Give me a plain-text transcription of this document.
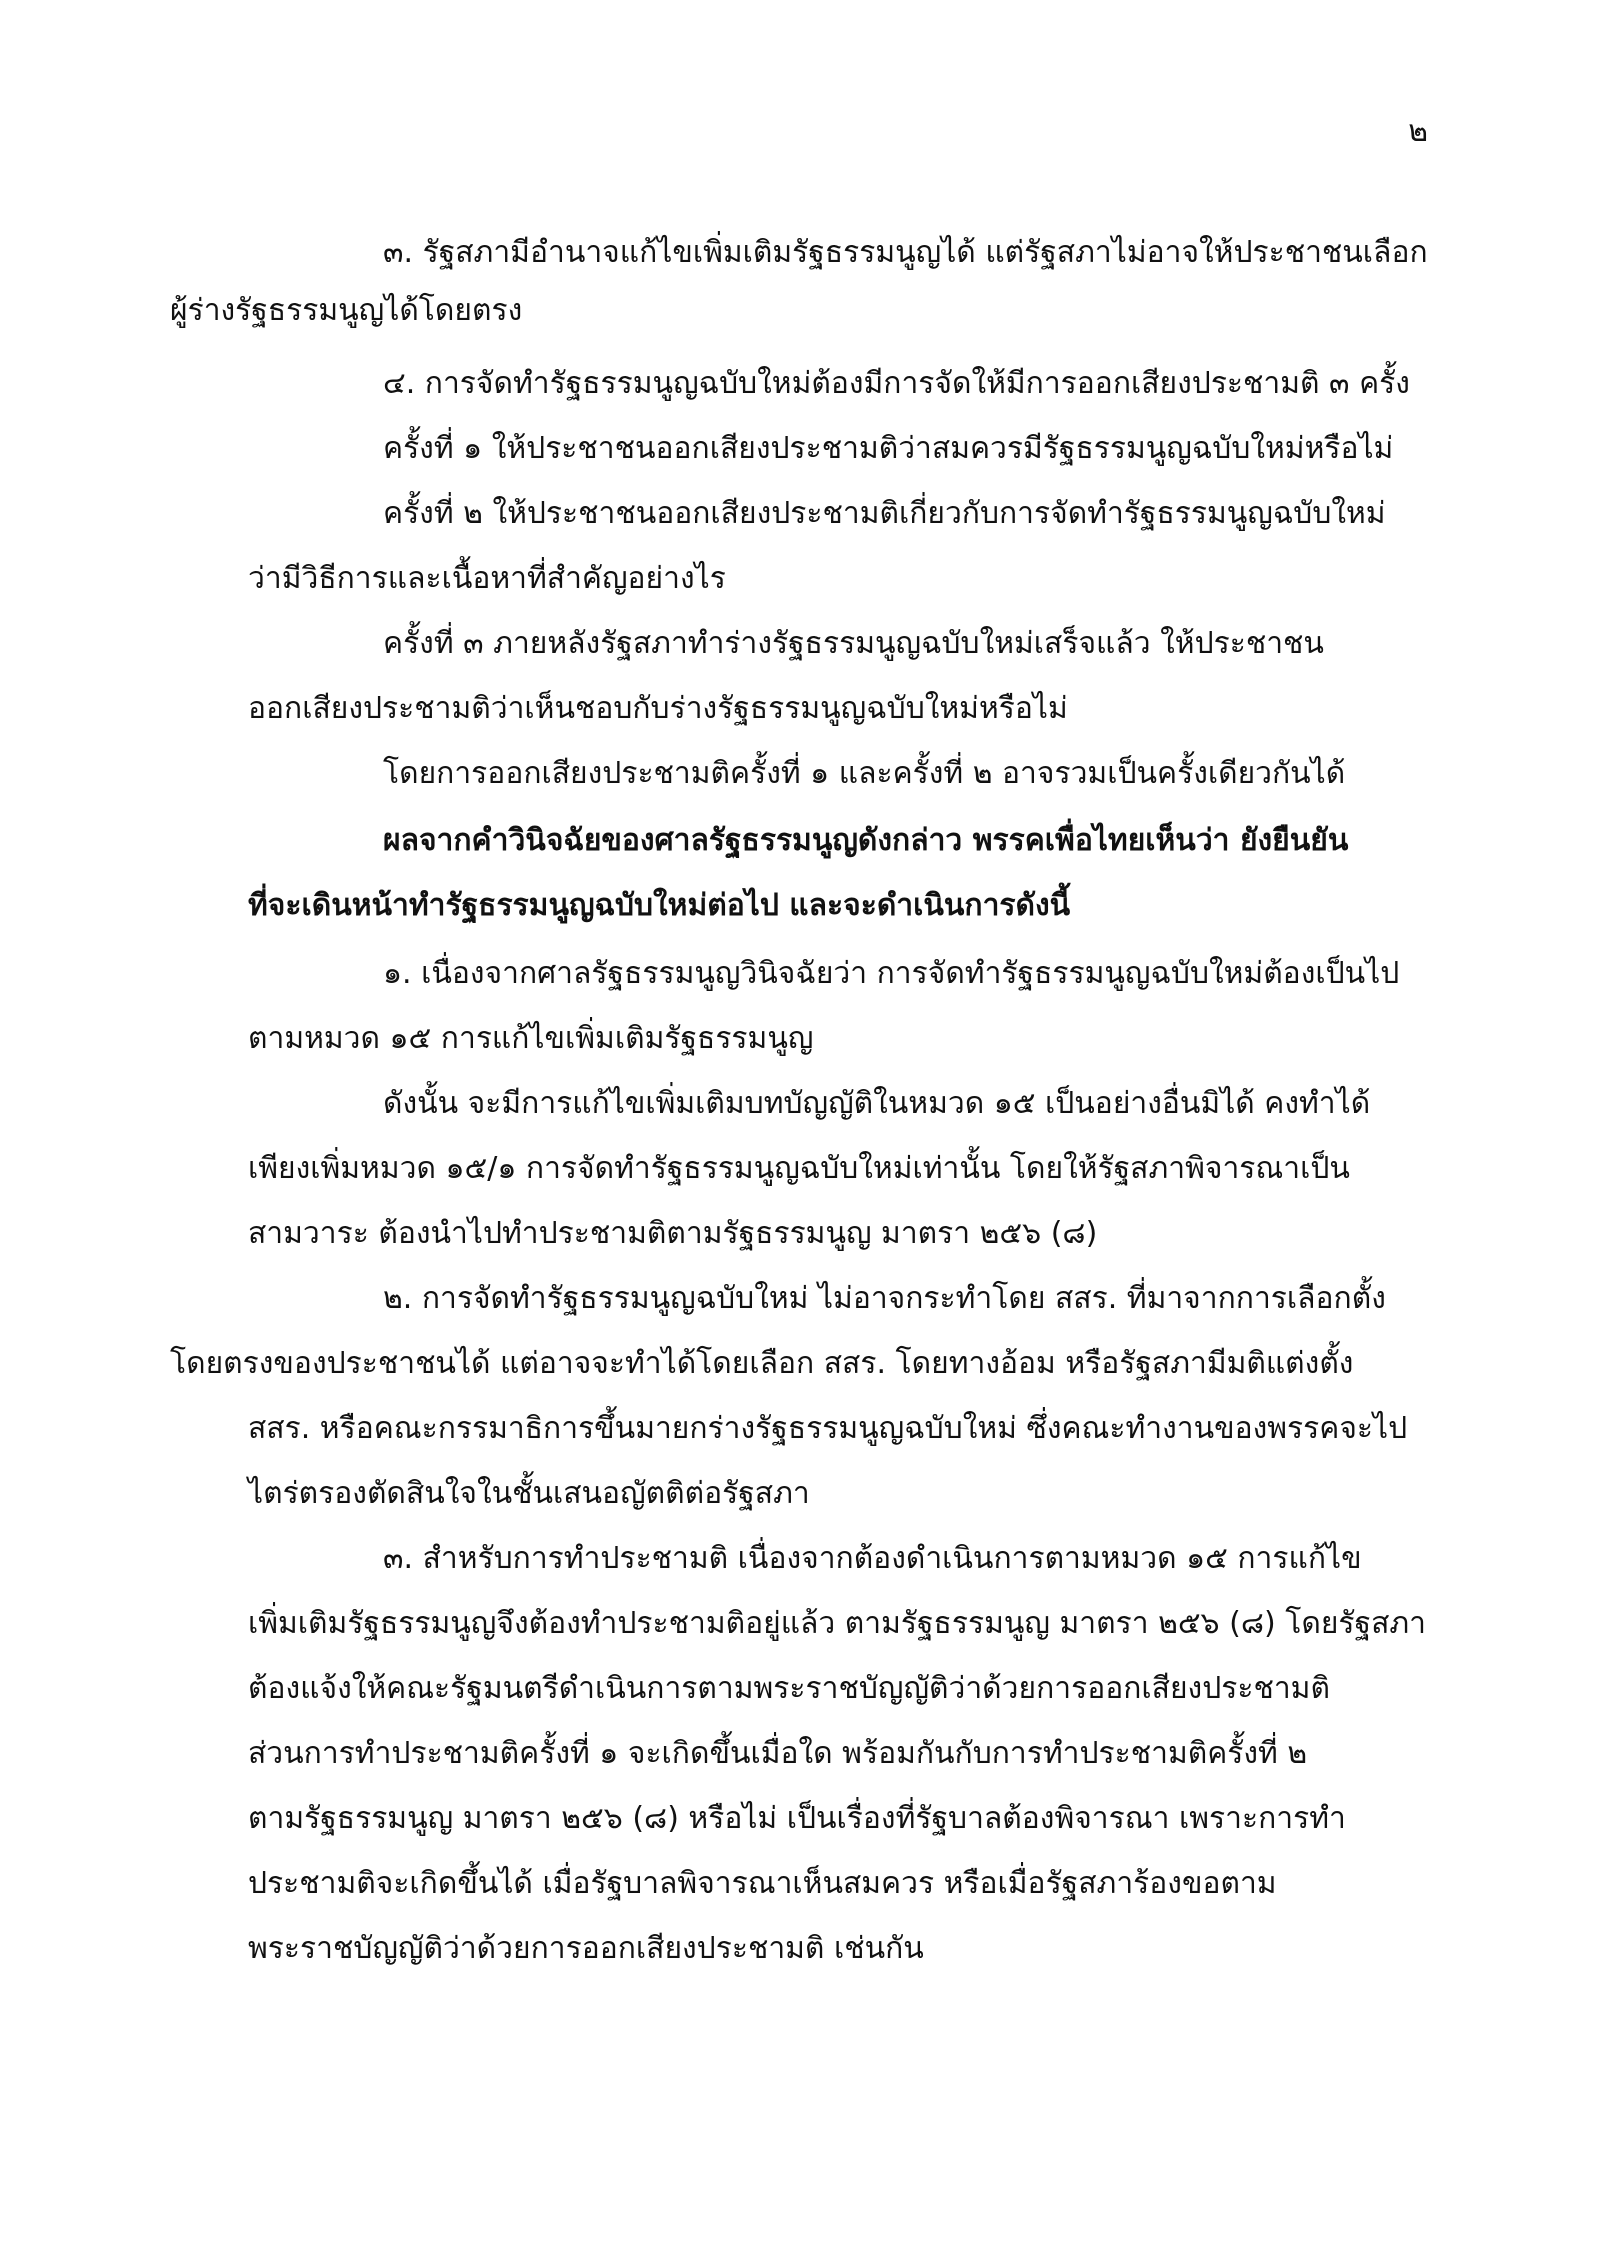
๒
๓. รัฐสภามีอำนาจแก้ไขเพิ่มเติมรัฐธรรมนูญได้ แต่รัฐสภาไม่อาจให้ประชาชนเลือก
ผู้ร่างรัฐธรรมนูญได้โดยตรง
๔. การจัดทำรัฐธรรมนูญฉบับใหม่ต้องมีการจัดให้มีการออกเสียงประชามติ ๓ ครั้ง
ครั้งที่ ๑ ให้ประชาชนออกเสียงประชามติว่าสมควรมีรัฐธรรมนูญฉบับใหม่หรือไม่
ครั้งที่ ๒ ให้ประชาชนออกเสียงประชามติเกี่ยวกับการจัดทำรัฐธรรมนูญฉบับใหม่
ว่ามีวิธีการและเนื้อหาที่สำคัญอย่างไร
ครั้งที่ ๓ ภายหลังรัฐสภาทำร่างรัฐธรรมนูญฉบับใหม่เสร็จแล้ว ให้ประชาชน
ออกเสียงประชามติว่าเห็นชอบกับร่างรัฐธรรมนูญฉบับใหม่หรือไม่
โดยการออกเสียงประชามติครั้งที่ ๑ และครั้งที่ ๒ อาจรวมเป็นครั้งเดียวกันได้
ผลจากคำวินิจฉัยของศาลรัฐธรรมนูญดังกล่าว พรรคเพื่อไทยเห็นว่า ยังยืนยัน
ที่จะเดินหน้าทำรัฐธรรมนูญฉบับใหม่ต่อไป และจะดำเนินการดังนี้
๑. เนื่องจากศาลรัฐธรรมนูญวินิจฉัยว่า การจัดทำรัฐธรรมนูญฉบับใหม่ต้องเป็นไป
ตามหมวด ๑๕ การแก้ไขเพิ่มเติมรัฐธรรมนูญ
ดังนั้น จะมีการแก้ไขเพิ่มเติมบทบัญญัติในหมวด ๑๕ เป็นอย่างอื่นมิได้ คงทำได้
เพียงเพิ่มหมวด ๑๕/๑ การจัดทำรัฐธรรมนูญฉบับใหม่เท่านั้น โดยให้รัฐสภาพิจารณาเป็น
สามวาระ ต้องนำไปทำประชามติตามรัฐธรรมนูญ มาตรา ๒๕๖ (๘)
๒. การจัดทำรัฐธรรมนูญฉบับใหม่ ไม่อาจกระทำโดย สสร. ที่มาจากการเลือกตั้ง
โดยตรงของประชาชนได้ แต่อาจจะทำได้โดยเลือก สสร. โดยทางอ้อม หรือรัฐสภามีมติแต่งตั้ง
สสร. หรือคณะกรรมาธิการขึ้นมายกร่างรัฐธรรมนูญฉบับใหม่ ซึ่งคณะทำงานของพรรคจะไป
ไตร่ตรองตัดสินใจในชั้นเสนอญัตติต่อรัฐสภา
๓. สำหรับการทำประชามติ เนื่องจากต้องดำเนินการตามหมวด ๑๕ การแก้ไข
เพิ่มเติมรัฐธรรมนูญจึงต้องทำประชามติอยู่แล้ว ตามรัฐธรรมนูญ มาตรา ๒๕๖ (๘) โดยรัฐสภา
ต้องแจ้งให้คณะรัฐมนตรีดำเนินการตามพระราชบัญญัติว่าด้วยการออกเสียงประชามติ
ส่วนการทำประชามติครั้งที่ ๑ จะเกิดขึ้นเมื่อใด พร้อมกันกับการทำประชามติครั้งที่ ๒
ตามรัฐธรรมนูญ มาตรา ๒๕๖ (๘) หรือไม่ เป็นเรื่องที่รัฐบาลต้องพิจารณา เพราะการทำ
ประชามติจะเกิดขึ้นได้ เมื่อรัฐบาลพิจารณาเห็นสมควร หรือเมื่อรัฐสภาร้องขอตาม
พระราชบัญญัติว่าด้วยการออกเสียงประชามติ เช่นกัน
